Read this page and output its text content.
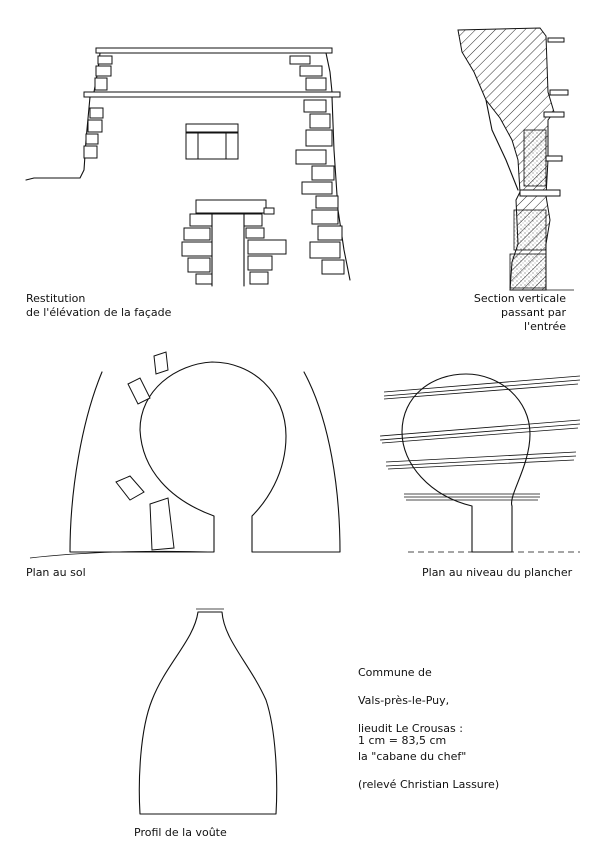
Restitution
de l'élévation de la façade
Section verticale
passant par l'entrée
Plan au sol	Plan au niveau du plancher
Profil de la voûte

Commune de

Vals-près-le-Puy,

lieudit Le Crousas :

la "cabane du chef"

(relevé Christian Lassure)

1 cm = 83,5 cm
